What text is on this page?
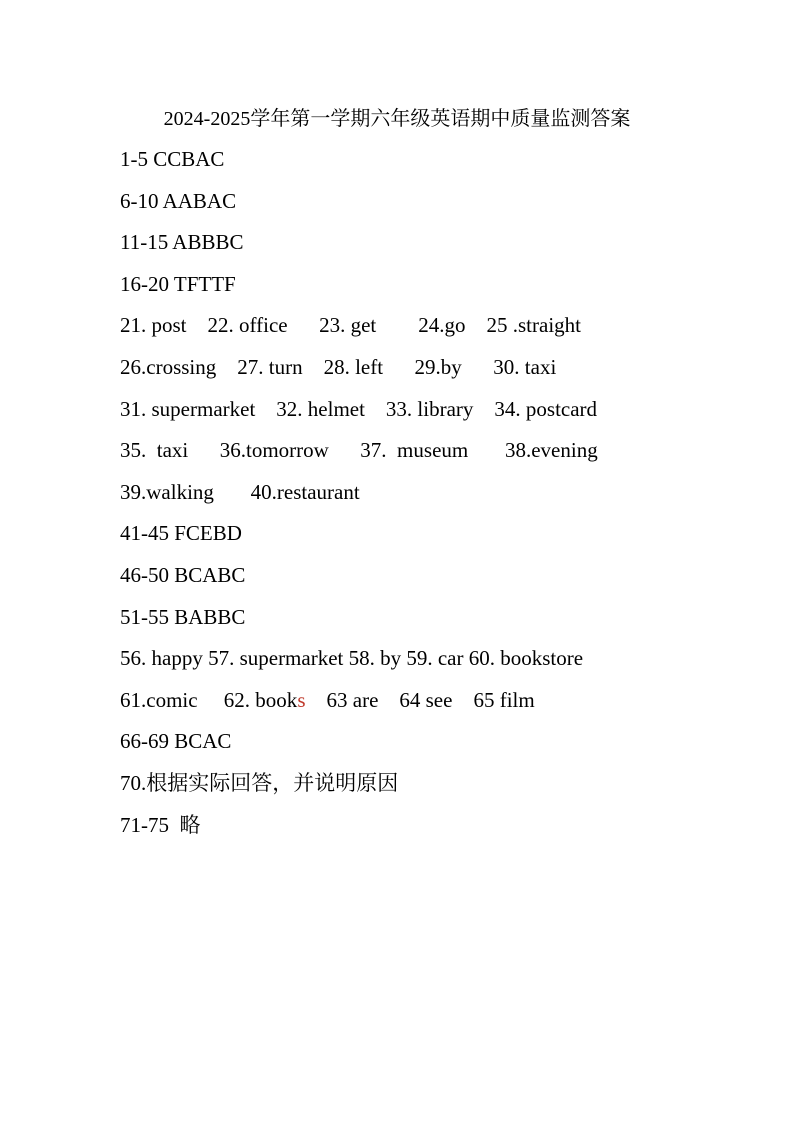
2024-2025学年第一学期六年级英语期中质量监测答案
1-5 CCBAC
6-10 AABAC
11-15 ABBBC
16-20 TFTTF
21. post    22. office      23. get        24.go    25 .straight
26.crossing    27. turn    28. left      29.by      30. taxi
31. supermarket    32. helmet    33. library    34. postcard
35.  taxi      36.tomorrow      37.  museum       38.evening
39.walking       40.restaurant
41-45 FCEBD
46-50 BCABC
51-55 BABBC
56. happy 57. supermarket 58. by 59. car 60. bookstore
61.comic     62. books    63 are    64 see    65 film
66-69 BCAC
70.根据实际回答，并说明原因
71-75  略
